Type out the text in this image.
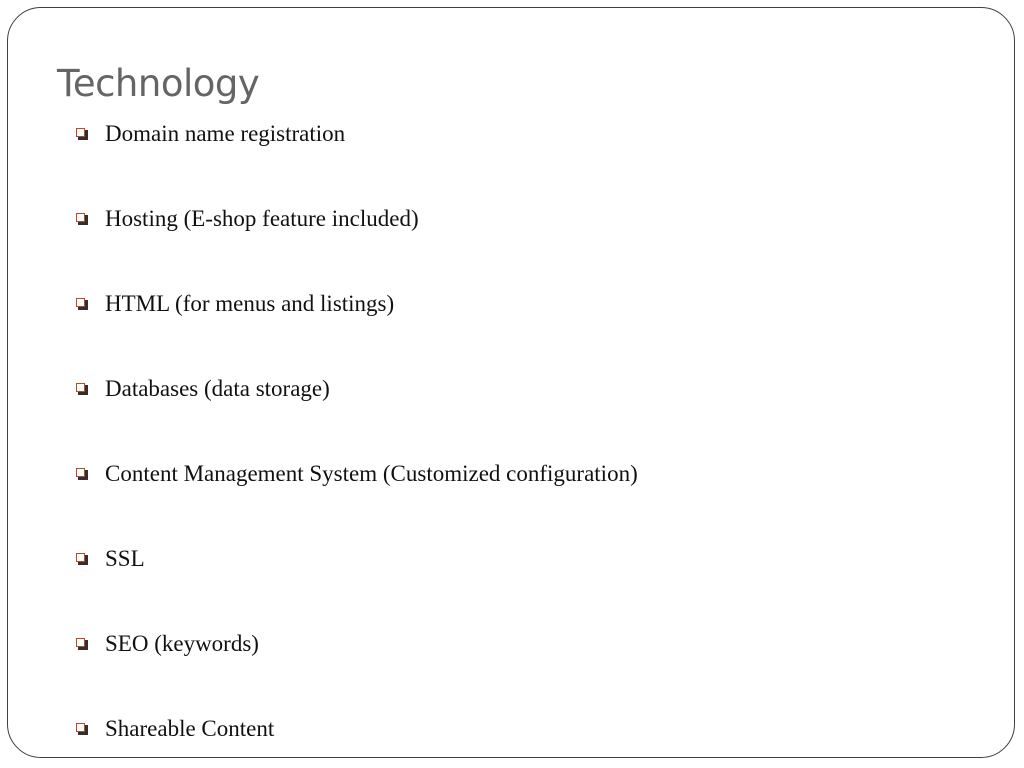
Technology
Domain name registration
Hosting (E-shop feature included)
HTML (for menus and listings)
Databases (data storage)
Content Management System (Customized configuration)
SSL
SEO (keywords)
Shareable Content
